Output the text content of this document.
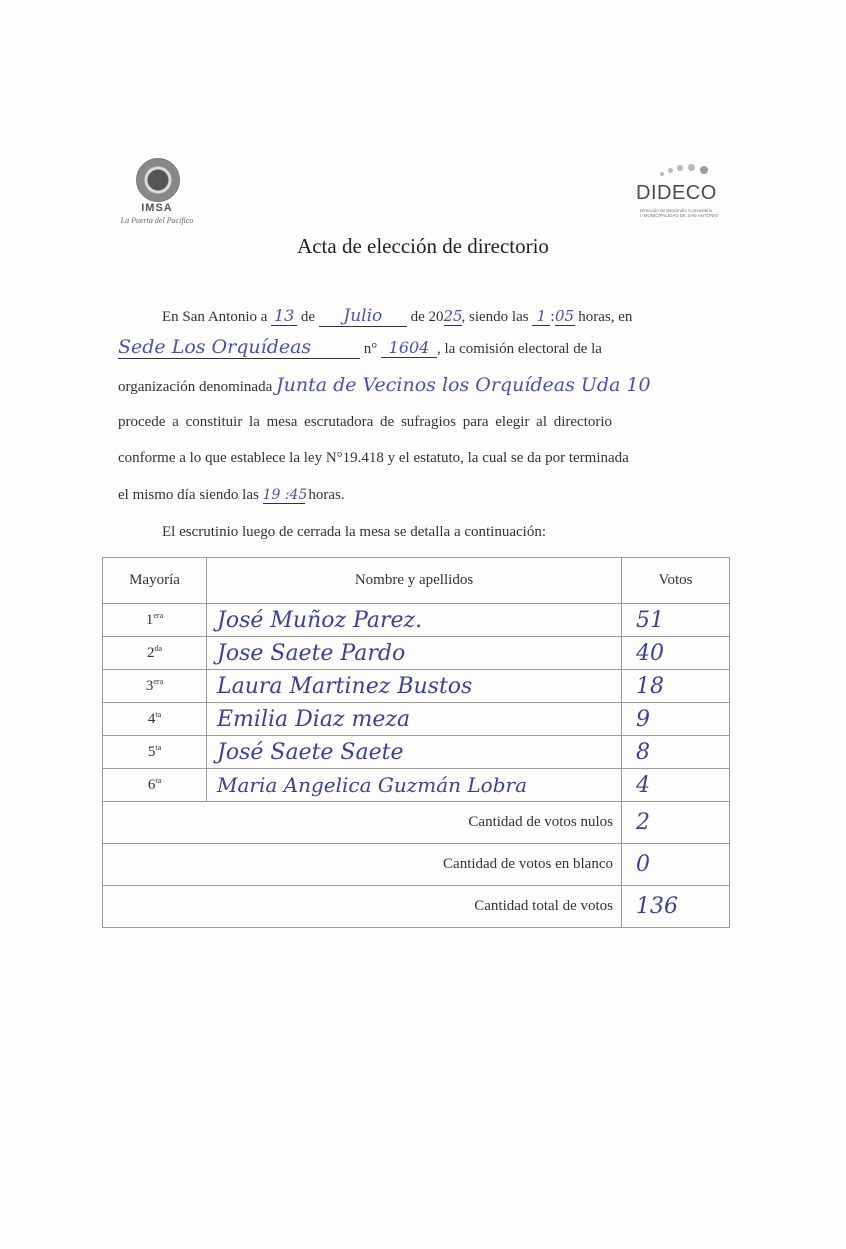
IMSA
La Puerta del Pacífico
DIDECO
Dirección de Desarrollo Comunitario
I. MUNICIPALIDAD DE SAN ANTONIO
Acta de elección de directorio
En San Antonio a 13 de Julio de 2025, siendo las 1 :05 horas, en
Sede Los Orquídeas	n° 1604 , la comisión electoral de la
organización denominada Junta de Vecinos los Orquídeas Uda 10
procede a constituir la mesa escrutadora de sufragios para elegir al directorio
conforme a lo que establece la ley N°19.418 y el estatuto, la cual se da por terminada
el mismo día siendo las 19 :45 horas.
El escrutinio luego de cerrada la mesa se detalla a continuación:
Mayoría	Nombre y apellidos	Votos
$1^{era}$	José Muñoz Parez.	51
$2^{da}$	Jose Saete Pardo	40
$3^{era}$	Laura Martinez Bustos	18
$4^{ta}$	Emilia Diaz meza	9
$5^{ta}$	José Saete Saete	8
$6^{ta}$	Maria Angelica Guzmán Lobra	4
Cantidad de votos nulos		2
Cantidad de votos en blanco		0
Cantidad total de votos		136
